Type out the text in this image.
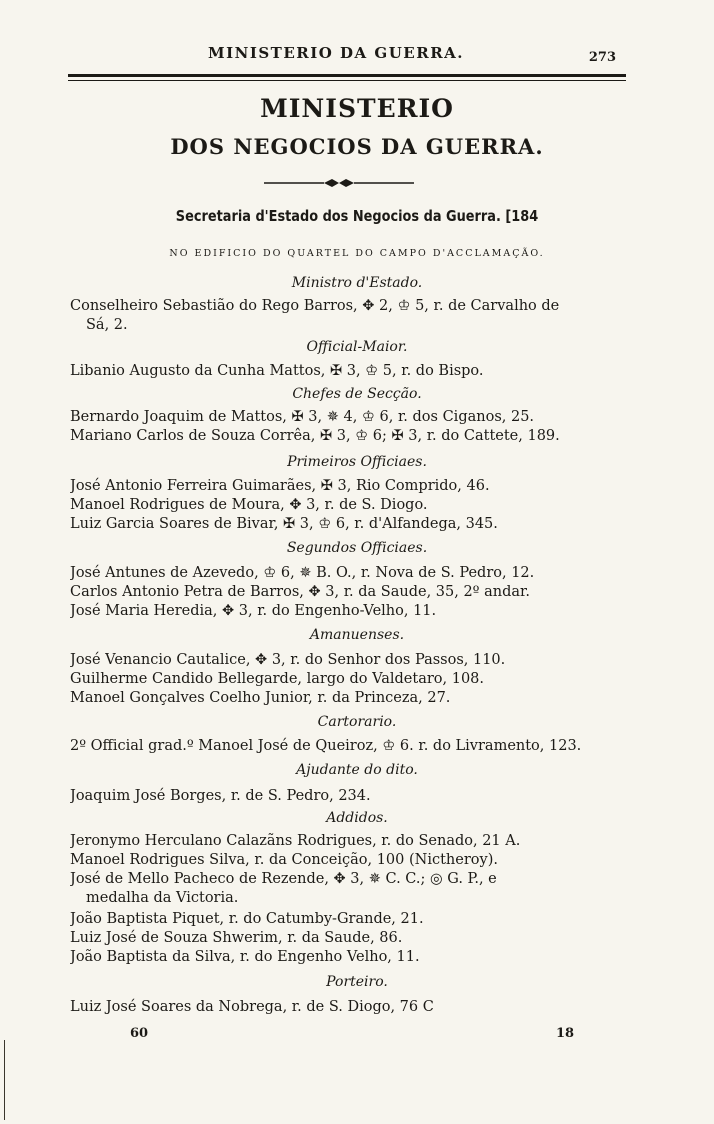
MINISTERIO DA GUERRA.	273
MINISTERIO
DOS NEGOCIOS DA GUERRA.
Secretaria d'Estado dos Negocios da Guerra. [184
NO EDIFICIO DO QUARTEL DO CAMPO D'ACCLAMAÇÃO.
Ministro d'Estado.
Conselheiro Sebastião do Rego Barros, ✥ 2, ♔ 5, r. de Carvalho de
Sá, 2.
Official-Maior.
Libanio Augusto da Cunha Mattos, ✠ 3, ♔ 5, r. do Bispo.
Chefes de Secção.
Bernardo Joaquim de Mattos, ✠ 3, ✵ 4, ♔ 6, r. dos Ciganos, 25.
Mariano Carlos de Souza Corrêa, ✠ 3, ♔ 6; ✠ 3, r. do Cattete, 189.
Primeiros Officiaes.
José Antonio Ferreira Guimarães, ✠ 3, Rio Comprido, 46.
Manoel Rodrigues de Moura, ✥ 3, r. de S. Diogo.
Luiz Garcia Soares de Bivar, ✠ 3, ♔ 6, r. d'Alfandega, 345.
Segundos Officiaes.
José Antunes de Azevedo, ♔ 6, ✵ B. O., r. Nova de S. Pedro, 12.
Carlos Antonio Petra de Barros, ✥ 3, r. da Saude, 35, 2º andar.
José Maria Heredia, ✥ 3, r. do Engenho-Velho, 11.
Amanuenses.
José Venancio Cautalice, ✥ 3, r. do Senhor dos Passos, 110.
Guilherme Candido Bellegarde, largo do Valdetaro, 108.
Manoel Gonçalves Coelho Junior, r. da Princeza, 27.
Cartorario.
2º Official grad.º Manoel José de Queiroz, ♔ 6. r. do Livramento, 123.
Ajudante do dito.
Joaquim José Borges, r. de S. Pedro, 234.
Addidos.
Jeronymo Herculano Calazãns Rodrigues, r. do Senado, 21 A.
Manoel Rodrigues Silva, r. da Conceição, 100 (Nictheroy).
José de Mello Pacheco de Rezende, ✥ 3, ✵ C. C.; ◎ G. P., e
medalha da Victoria.
João Baptista Piquet, r. do Catumby-Grande, 21.
Luiz José de Souza Shwerim, r. da Saude, 86.
João Baptista da Silva, r. do Engenho Velho, 11.
Porteiro.
Luiz José Soares da Nobrega, r. de S. Diogo, 76 C
60	18
